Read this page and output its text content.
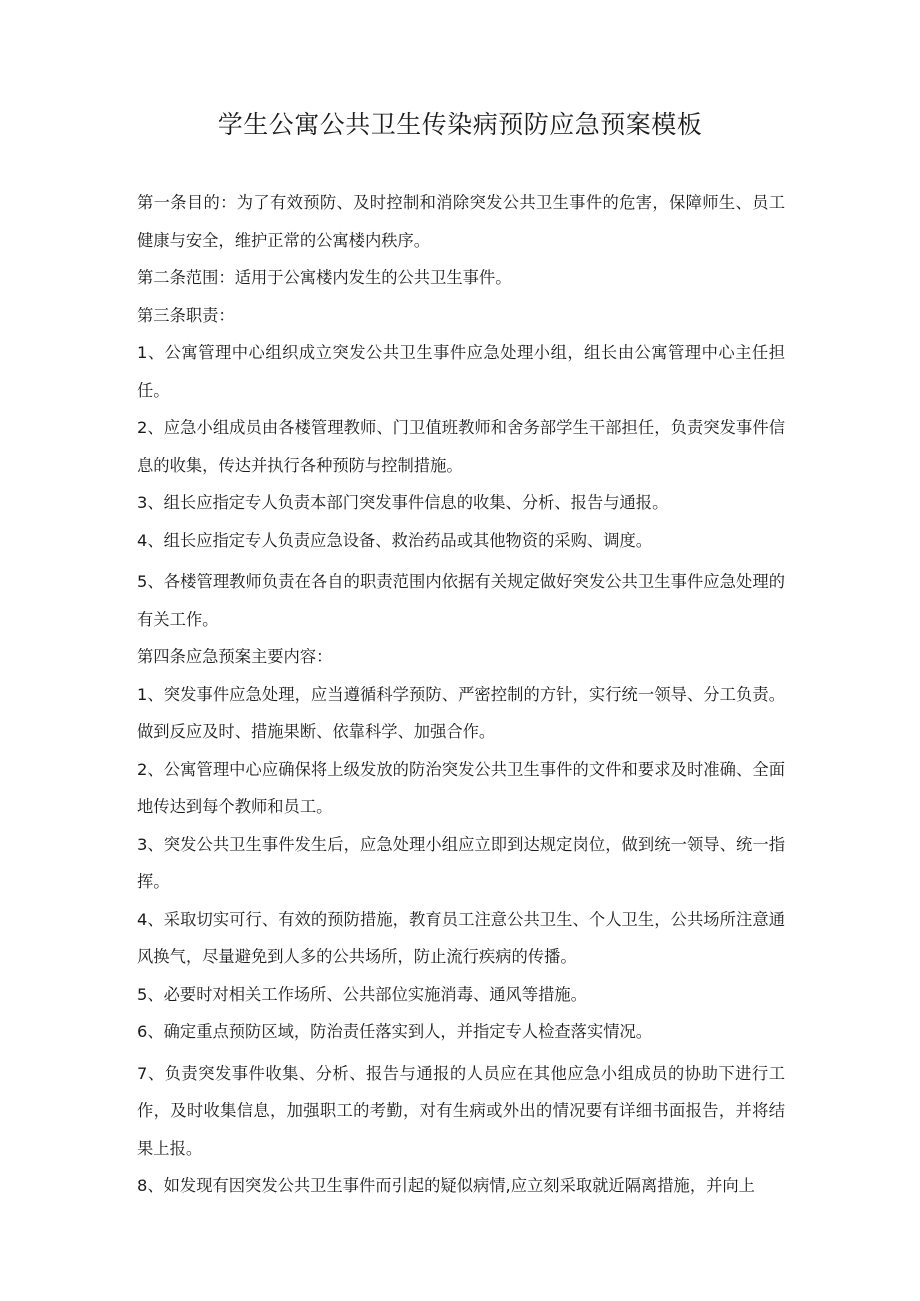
学生公寓公共卫生传染病预防应急预案模板

第一条目的：为了有效预防、及时控制和消除突发公共卫生事件的危害，保障师生、员工健康与安全，维护正常的公寓楼内秩序。

第二条范围：适用于公寓楼内发生的公共卫生事件。

第三条职责：

1、公寓管理中心组织成立突发公共卫生事件应急处理小组，组长由公寓管理中心主任担任。

2、应急小组成员由各楼管理教师、门卫值班教师和舍务部学生干部担任，负责突发事件信息的收集，传达并执行各种预防与控制措施。

3、组长应指定专人负责本部门突发事件信息的收集、分析、报告与通报。

4、组长应指定专人负责应急设备、救治药品或其他物资的采购、调度。

5、各楼管理教师负责在各自的职责范围内依据有关规定做好突发公共卫生事件应急处理的有关工作。

第四条应急预案主要内容：

1、突发事件应急处理，应当遵循科学预防、严密控制的方针，实行统一领导、分工负责。做到反应及时、措施果断、依靠科学、加强合作。

2、公寓管理中心应确保将上级发放的防治突发公共卫生事件的文件和要求及时准确、全面地传达到每个教师和员工。

3、突发公共卫生事件发生后，应急处理小组应立即到达规定岗位，做到统一领导、统一指挥。

4、采取切实可行、有效的预防措施，教育员工注意公共卫生、个人卫生，公共场所注意通风换气，尽量避免到人多的公共场所，防止流行疾病的传播。

5、必要时对相关工作场所、公共部位实施消毒、通风等措施。

6、确定重点预防区域，防治责任落实到人，并指定专人检查落实情况。

7、负责突发事件收集、分析、报告与通报的人员应在其他应急小组成员的协助下进行工作，及时收集信息，加强职工的考勤，对有生病或外出的情况要有详细书面报告，并将结果上报。

8、如发现有因突发公共卫生事件而引起的疑似病情,应立刻采取就近隔离措施，并向上
